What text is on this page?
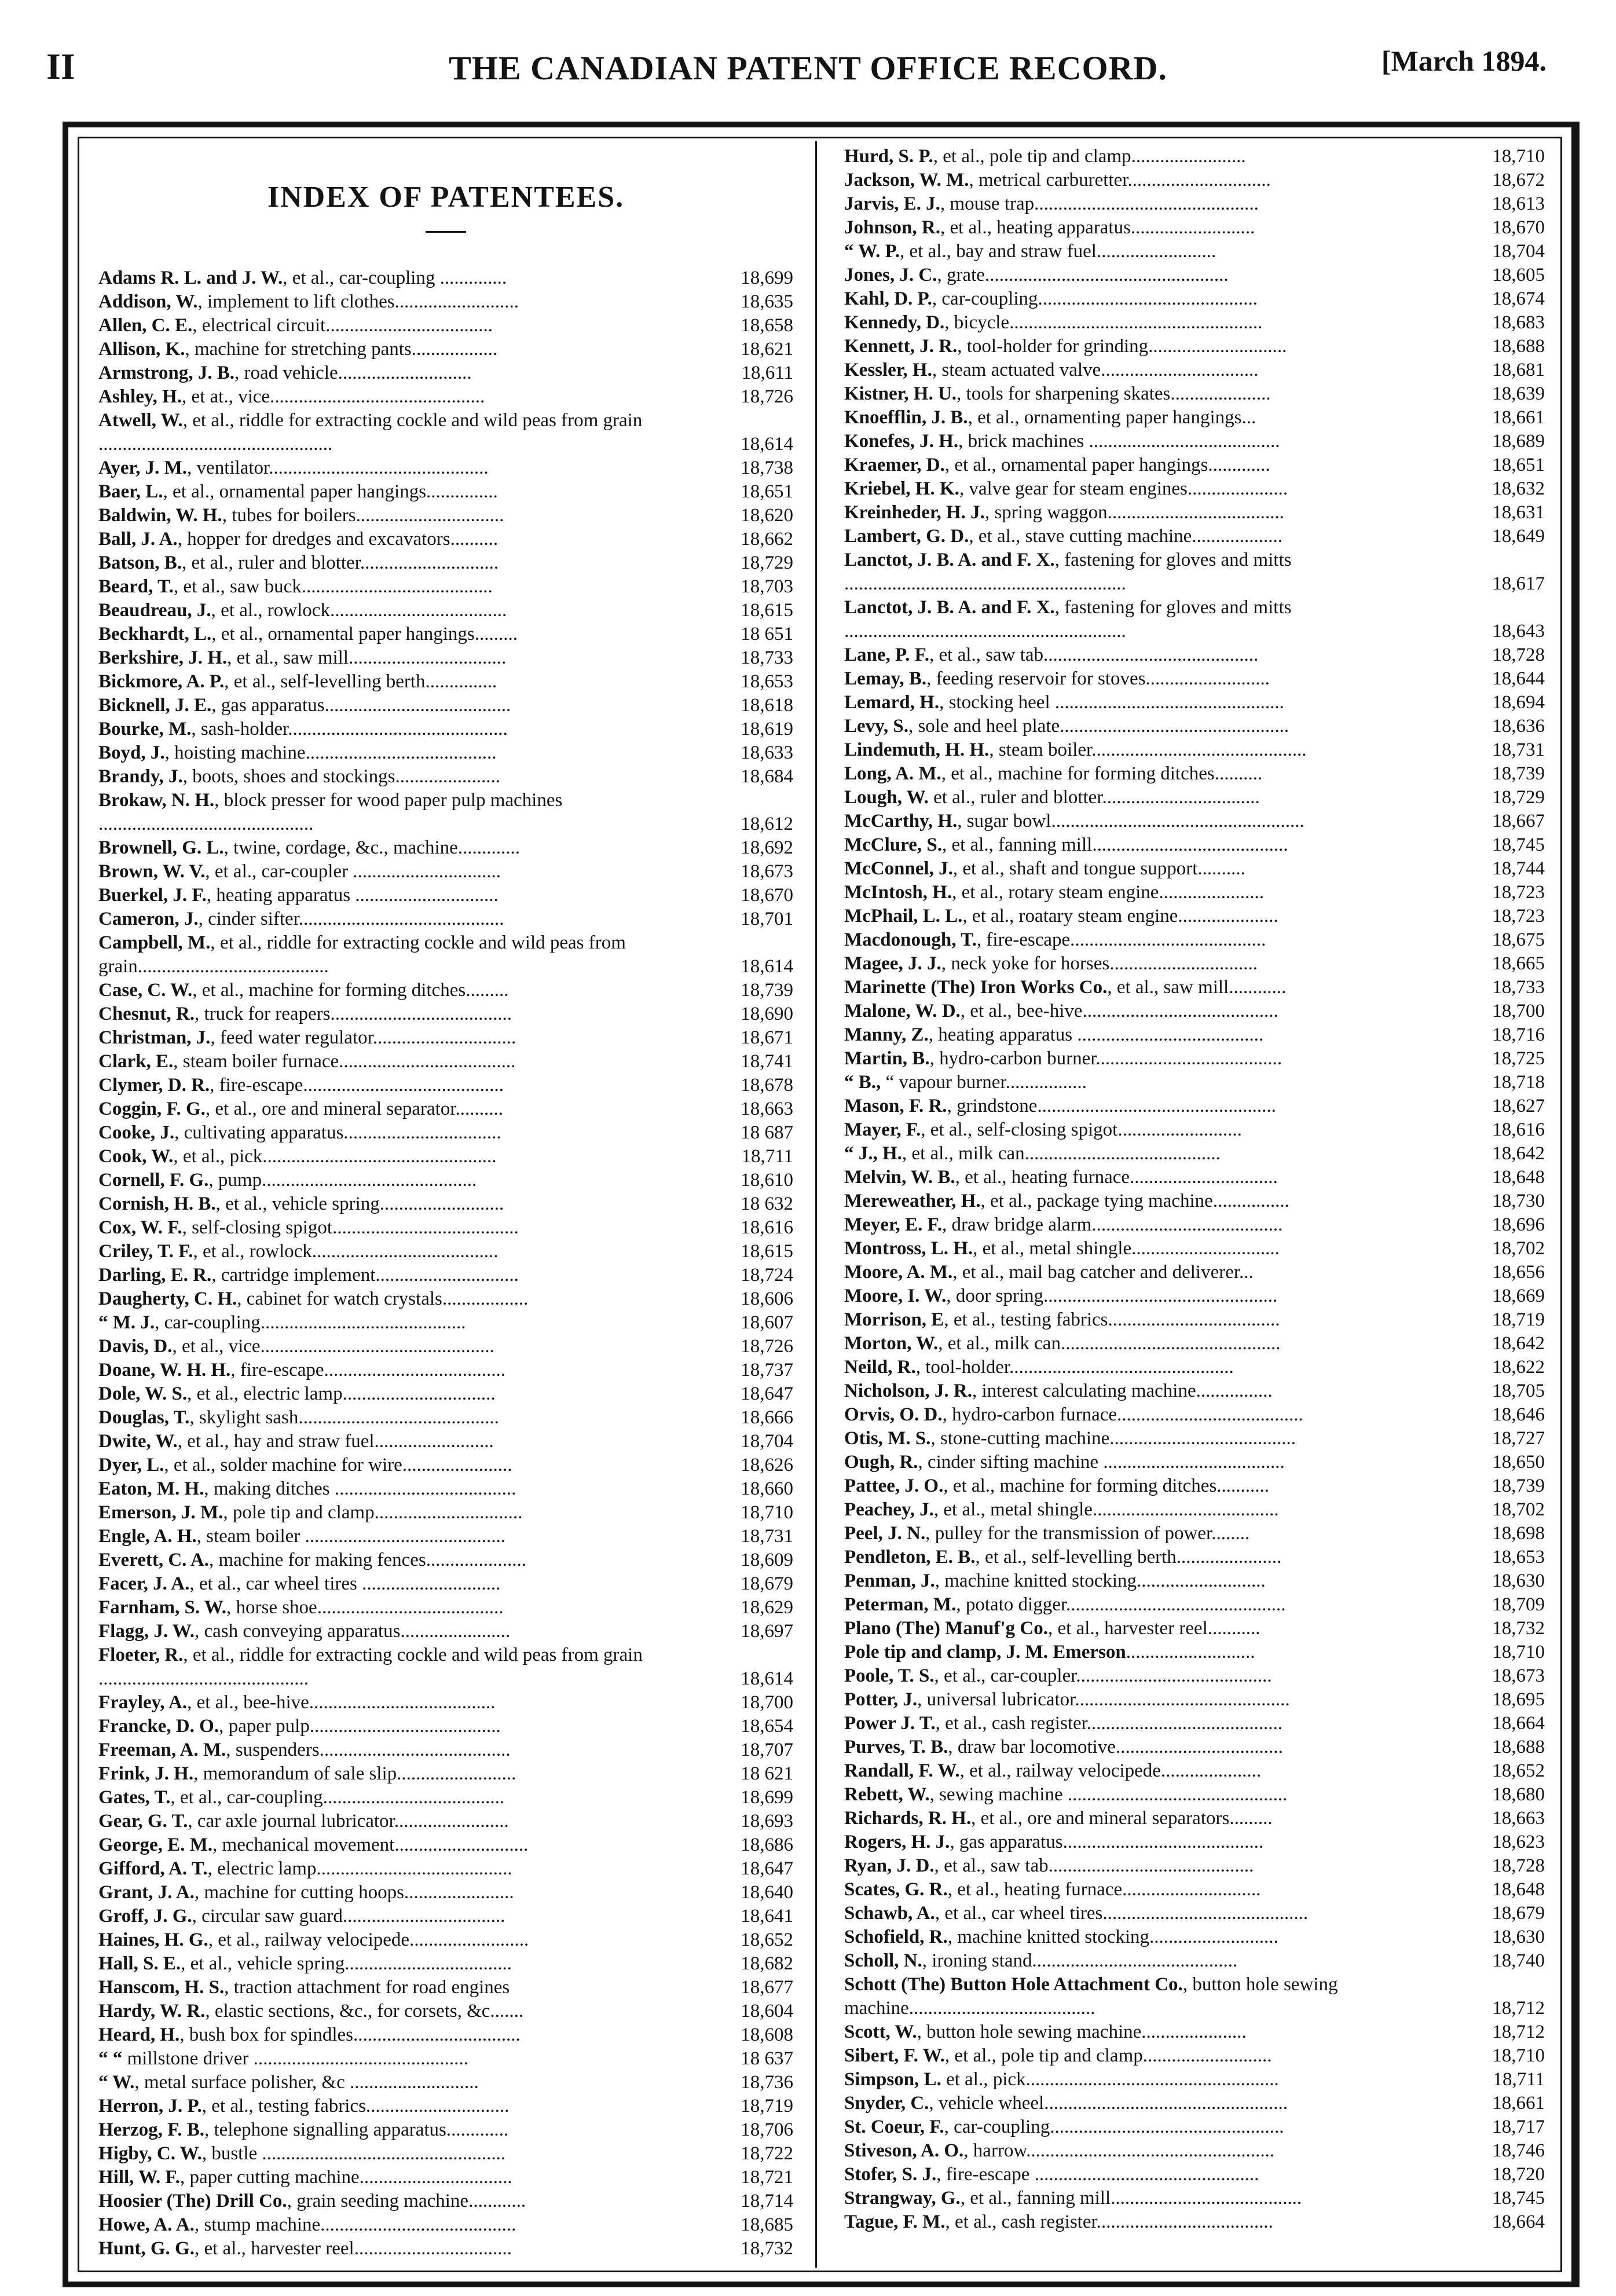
II	THE CANADIAN PATENT OFFICE RECORD.	[March 1894.
INDEX OF PATENTEES.
Adams R. L. and J. W., et al., car-coupling ..............	18,699
Addison, W., implement to lift clothes..........................	18,635
Allen, C. E., electrical circuit...................................	18,658
Allison, K., machine for stretching pants..................	18,621
Armstrong, J. B., road vehicle............................	18,611
Ashley, H., et at., vice.............................................	18,726
Atwell, W., et al., riddle for extracting cockle and wild peas from grain .................................................	18,614
Ayer, J. M., ventilator..............................................	18,738
Baer, L., et al., ornamental paper hangings...............	18,651
Baldwin, W. H., tubes for boilers...............................	18,620
Ball, J. A., hopper for dredges and excavators..........	18,662
Batson, B., et al., ruler and blotter.............................	18,729
Beard, T., et al., saw buck........................................	18,703
Beaudreau, J., et al., rowlock.....................................	18,615
Beckhardt, L., et al., ornamental paper hangings.........	18 651
Berkshire, J. H., et al., saw mill.................................	18,733
Bickmore, A. P., et al., self-levelling berth...............	18,653
Bicknell, J. E., gas apparatus.......................................	18,618
Bourke, M., sash-holder..............................................	18,619
Boyd, J., hoisting machine........................................	18,633
Brandy, J., boots, shoes and stockings......................	18,684
Brokaw, N. H., block presser for wood paper pulp machines .............................................	18,612
Brownell, G. L., twine, cordage, &c., machine.............	18,692
Brown, W. V., et al., car-coupler ...............................	18,673
Buerkel, J. F., heating apparatus ..............................	18,670
Cameron, J., cinder sifter...........................................	18,701
Campbell, M., et al., riddle for extracting cockle and wild peas from grain........................................	18,614
Case, C. W., et al., machine for forming ditches.........	18,739
Chesnut, R., truck for reapers......................................	18,690
Christman, J., feed water regulator..............................	18,671
Clark, E., steam boiler furnace.....................................	18,741
Clymer, D. R., fire-escape..........................................	18,678
Coggin, F. G., et al., ore and mineral separator..........	18,663
Cooke, J., cultivating apparatus.................................	18 687
Cook, W., et al., pick.................................................	18,711
Cornell, F. G., pump.............................................	18,610
Cornish, H. B., et al., vehicle spring..........................	18 632
Cox, W. F., self-closing spigot.......................................	18,616
Criley, T. F., et al., rowlock.......................................	18,615
Darling, E. R., cartridge implement..............................	18,724
Daugherty, C. H., cabinet for watch crystals..................	18,606
“ M. J., car-coupling...........................................	18,607
Davis, D., et al., vice.................................................	18,726
Doane, W. H. H., fire-escape......................................	18,737
Dole, W. S., et al., electric lamp................................	18,647
Douglas, T., skylight sash..........................................	18,666
Dwite, W., et al., hay and straw fuel.........................	18,704
Dyer, L., et al., solder machine for wire.......................	18,626
Eaton, M. H., making ditches ......................................	18,660
Emerson, J. M., pole tip and clamp...............................	18,710
Engle, A. H., steam boiler ..........................................	18,731
Everett, C. A., machine for making fences.....................	18,609
Facer, J. A., et al., car wheel tires .............................	18,679
Farnham, S. W., horse shoe.......................................	18,629
Flagg, J. W., cash conveying apparatus.......................	18,697
Floeter, R., et al., riddle for extracting cockle and wild peas from grain ............................................	18,614
Frayley, A., et al., bee-hive.......................................	18,700
Francke, D. O., paper pulp........................................	18,654
Freeman, A. M., suspenders........................................	18,707
Frink, J. H., memorandum of sale slip.........................	18 621
Gates, T., et al., car-coupling......................................	18,699
Gear, G. T., car axle journal lubricator........................	18,693
George, E. M., mechanical movement............................	18,686
Gifford, A. T., electric lamp.........................................	18,647
Grant, J. A., machine for cutting hoops.......................	18,640
Groff, J. G., circular saw guard..................................	18,641
Haines, H. G., et al., railway velocipede.........................	18,652
Hall, S. E., et al., vehicle spring...................................	18,682
Hanscom, H. S., traction attachment for road engines	18,677
Hardy, W. R., elastic sections, &c., for corsets, &c.......	18,604
Heard, H., bush box for spindles...................................	18,608
“ “ millstone driver .............................................	18 637
“ W., metal surface polisher, &c ...........................	18,736
Herron, J. P., et al., testing fabrics..............................	18,719
Herzog, F. B., telephone signalling apparatus.............	18,706
Higby, C. W., bustle ...................................................	18,722
Hill, W. F., paper cutting machine................................	18,721
Hoosier (The) Drill Co., grain seeding machine............	18,714
Howe, A. A., stump machine.........................................	18,685
Hunt, G. G., et al., harvester reel.................................	18,732
Hurd, S. P., et al., pole tip and clamp........................	18,710
Jackson, W. M., metrical carburetter..............................	18,672
Jarvis, E. J., mouse trap...............................................	18,613
Johnson, R., et al., heating apparatus..........................	18,670
“ W. P., et al., bay and straw fuel.........................	18,704
Jones, J. C., grate...................................................	18,605
Kahl, D. P., car-coupling..............................................	18,674
Kennedy, D., bicycle.....................................................	18,683
Kennett, J. R., tool-holder for grinding.............................	18,688
Kessler, H., steam actuated valve.................................	18,681
Kistner, H. U., tools for sharpening skates.....................	18,639
Knoefflin, J. B., et al., ornamenting paper hangings...	18,661
Konefes, J. H., brick machines ........................................	18,689
Kraemer, D., et al., ornamental paper hangings.............	18,651
Kriebel, H. K., valve gear for steam engines.....................	18,632
Kreinheder, H. J., spring waggon.....................................	18,631
Lambert, G. D., et al., stave cutting machine...................	18,649
Lanctot, J. B. A. and F. X., fastening for gloves and mitts ...........................................................	18,617
Lanctot, J. B. A. and F. X., fastening for gloves and mitts ...........................................................	18,643
Lane, P. F., et al., saw tab.............................................	18,728
Lemay, B., feeding reservoir for stoves..........................	18,644
Lemard, H., stocking heel ................................................	18,694
Levy, S., sole and heel plate................................................	18,636
Lindemuth, H. H., steam boiler.............................................	18,731
Long, A. M., et al., machine for forming ditches..........	18,739
Lough, W. et al., ruler and blotter.................................	18,729
McCarthy, H., sugar bowl.....................................................	18,667
McClure, S., et al., fanning mill.........................................	18,745
McConnel, J., et al., shaft and tongue support..........	18,744
McIntosh, H., et al., rotary steam engine......................	18,723
McPhail, L. L., et al., roatary steam engine.....................	18,723
Macdonough, T., fire-escape.........................................	18,675
Magee, J. J., neck yoke for horses...............................	18,665
Marinette (The) Iron Works Co., et al., saw mill............	18,733
Malone, W. D., et al., bee-hive.........................................	18,700
Manny, Z., heating apparatus .......................................	18,716
Martin, B., hydro-carbon burner.......................................	18,725
“ B., “ vapour burner.................	18,718
Mason, F. R., grindstone..................................................	18,627
Mayer, F., et al., self-closing spigot..........................	18,616
“ J., H., et al., milk can.........................................	18,642
Melvin, W. B., et al., heating furnace...............................	18,648
Mereweather, H., et al., package tying machine................	18,730
Meyer, E. F., draw bridge alarm........................................	18,696
Montross, L. H., et al., metal shingle...............................	18,702
Moore, A. M., et al., mail bag catcher and deliverer...	18,656
Moore, I. W., door spring.................................................	18,669
Morrison, E, et al., testing fabrics....................................	18,719
Morton, W., et al., milk can..............................................	18,642
Neild, R., tool-holder...............................................	18,622
Nicholson, J. R., interest calculating machine................	18,705
Orvis, O. D., hydro-carbon furnace.......................................	18,646
Otis, M. S., stone-cutting machine.......................................	18,727
Ough, R., cinder sifting machine ......................................	18,650
Pattee, J. O., et al., machine for forming ditches...........	18,739
Peachey, J., et al., metal shingle.......................................	18,702
Peel, J. N., pulley for the transmission of power........	18,698
Pendleton, E. B., et al., self-levelling berth......................	18,653
Penman, J., machine knitted stocking...........................	18,630
Peterman, M., potato digger..............................................	18,709
Plano (The) Manuf'g Co., et al., harvester reel...........	18,732
Pole tip and clamp, J. M. Emerson...........................	18,710
Poole, T. S., et al., car-coupler.........................................	18,673
Potter, J., universal lubricator.............................................	18,695
Power J. T., et al., cash register.........................................	18,664
Purves, T. B., draw bar locomotive...................................	18,688
Randall, F. W., et al., railway velocipede.....................	18,652
Rebett, W., sewing machine ..............................................	18,680
Richards, R. H., et al., ore and mineral separators.........	18,663
Rogers, H. J., gas apparatus..........................................	18,623
Ryan, J. D., et al., saw tab...........................................	18,728
Scates, G. R., et al., heating furnace.............................	18,648
Schawb, A., et al., car wheel tires...........................................	18,679
Schofield, R., machine knitted stocking...........................	18,630
Scholl, N., ironing stand...........................................	18,740
Schott (The) Button Hole Attachment Co., button hole sewing machine.......................................	18,712
Scott, W., button hole sewing machine......................	18,712
Sibert, F. W., et al., pole tip and clamp...........................	18,710
Simpson, L. et al., pick.....................................................	18,711
Snyder, C., vehicle wheel...................................................	18,661
St. Coeur, F., car-coupling.................................................	18,717
Stiveson, A. O., harrow....................................................	18,746
Stofer, S. J., fire-escape ...............................................	18,720
Strangway, G., et al., fanning mill........................................	18,745
Tague, F. M., et al., cash register.....................................	18,664
